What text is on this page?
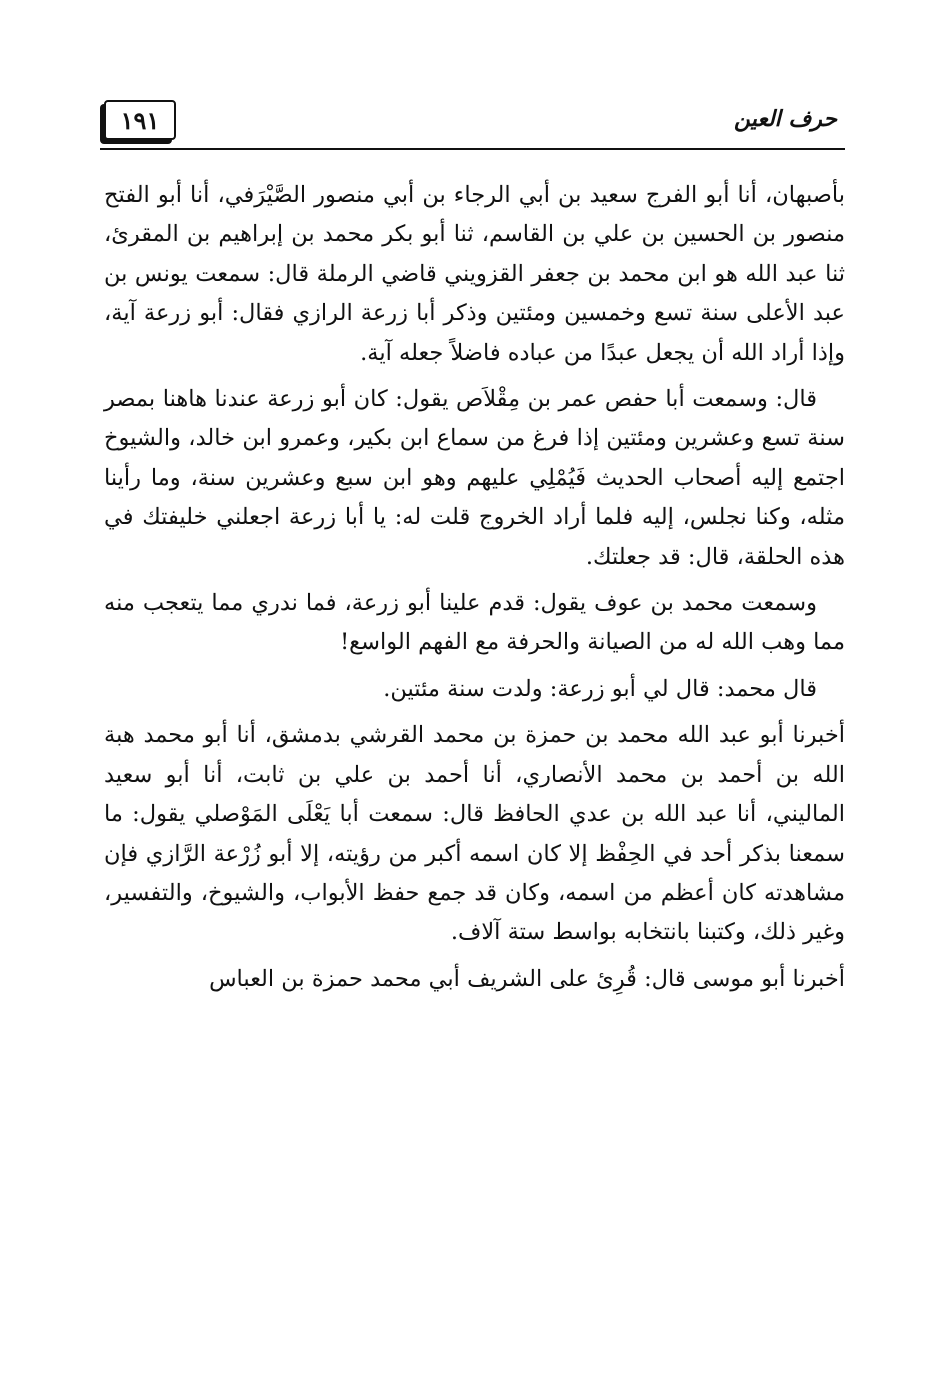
١٩١	حرف العين

بأصبهان، أنا أبو الفرج سعيد بن أبي الرجاء بن أبي منصور الصَّيْرَفي، أنا أبو الفتح منصور بن الحسين بن علي بن القاسم، ثنا أبو بكر محمد بن إبراهيم بن المقرئ، ثنا عبد الله هو ابن محمد بن جعفر القزويني قاضي الرملة قال: سمعت يونس بن عبد الأعلى سنة تسع وخمسين ومئتين وذكر أبا زرعة الرازي فقال: أبو زرعة آية، وإذا أراد الله أن يجعل عبدًا من عباده فاضلاً جعله آية.

قال: وسمعت أبا حفص عمر بن مِقْلاَص يقول: كان أبو زرعة عندنا هاهنا بمصر سنة تسع وعشرين ومئتين إذا فرغ من سماع ابن بكير، وعمرو ابن خالد، والشيوخ اجتمع إليه أصحاب الحديث فَيُمْلِي عليهم وهو ابن سبع وعشرين سنة، وما رأينا مثله، وكنا نجلس، إليه فلما أراد الخروج قلت له: يا أبا زرعة اجعلني خليفتك في هذه الحلقة، قال: قد جعلتك.

وسمعت محمد بن عوف يقول: قدم علينا أبو زرعة، فما ندري مما يتعجب منه مما وهب الله له من الصيانة والحرفة مع الفهم الواسع!

قال محمد: قال لي أبو زرعة: ولدت سنة مئتين.

أخبرنا أبو عبد الله محمد بن حمزة بن محمد القرشي بدمشق، أنا أبو محمد هبة الله بن أحمد بن محمد الأنصاري، أنا أحمد بن علي بن ثابت، أنا أبو سعيد الماليني، أنا عبد الله بن عدي الحافظ قال: سمعت أبا يَعْلَى المَوْصلي يقول: ما سمعنا بذكر أحد في الحِفْظ إلا كان اسمه أكبر من رؤيته، إلا أبو زُرْعة الرَّازي فإن مشاهدته كان أعظم من اسمه، وكان قد جمع حفظ الأبواب، والشيوخ، والتفسير، وغير ذلك، وكتبنا بانتخابه بواسط ستة آلاف.

أخبرنا أبو موسى قال: قُرِئ على الشريف أبي محمد حمزة بن العباس
